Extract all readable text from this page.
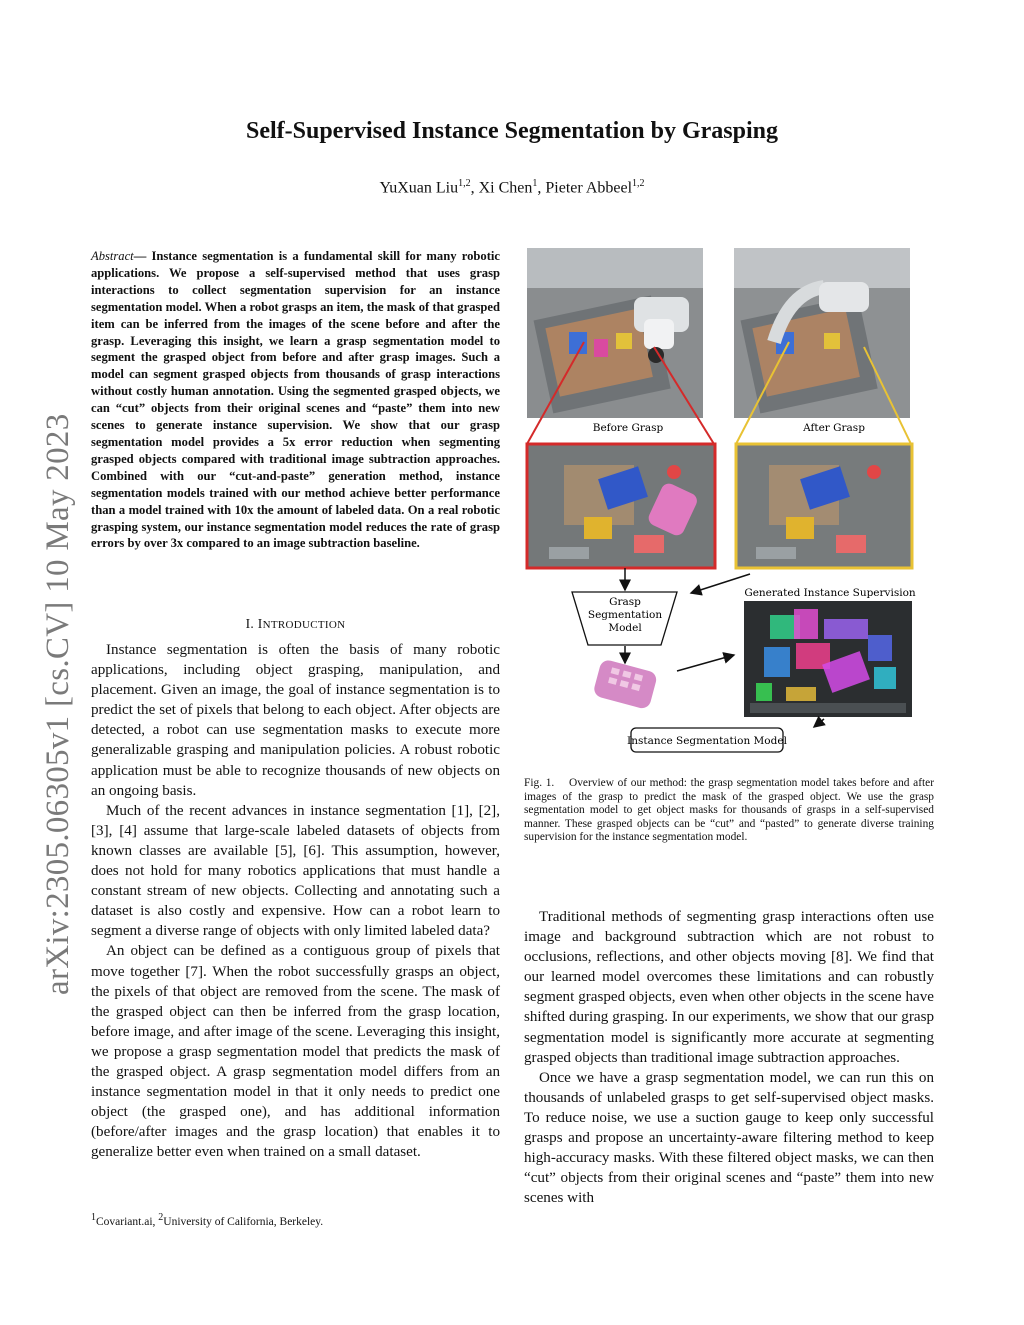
arXiv:2305.06305v1 [cs.CV] 10 May 2023
Self-Supervised Instance Segmentation by Grasping
YuXuan Liu$^{1,2}$, Xi Chen$^1$, Pieter Abbeel$^{1,2}$
Abstract— Instance segmentation is a fundamental skill for many robotic applications. We propose a self-supervised method that uses grasp interactions to collect segmentation supervision for an instance segmentation model. When a robot grasps an item, the mask of that grasped item can be inferred from the images of the scene before and after the grasp. Leveraging this insight, we learn a grasp segmentation model to segment the grasped object from before and after grasp images. Such a model can segment grasped objects from thousands of grasp interactions without costly human annotation. Using the segmented grasped objects, we can “cut” objects from their original scenes and “paste” them into new scenes to generate instance supervision. We show that our grasp segmentation model provides a 5x error reduction when segmenting grasped objects compared with traditional image subtraction approaches. Combined with our “cut-and-paste” generation method, instance segmentation models trained with our method achieve better performance than a model trained with 10x the amount of labeled data. On a real robotic grasping system, our instance segmentation model reduces the rate of grasp errors by over 3x compared to an image subtraction baseline.
I. INTRODUCTION

Instance segmentation is often the basis of many robotic applications, including object grasping, manipulation, and placement. Given an image, the goal of instance segmentation is to predict the set of pixels that belong to each object. After objects are detected, a robot can use segmentation masks to execute more generalizable grasping and manipulation policies. A robust robotic application must be able to recognize thousands of new objects on an ongoing basis.

Much of the recent advances in instance segmentation [1], [2], [3], [4] assume that large-scale labeled datasets of objects from known classes are available [5], [6]. This assumption, however, does not hold for many robotics applications that must handle a constant stream of new objects. Collecting and annotating such a dataset is also costly and expensive. How can a robot learn to segment a diverse range of objects with only limited labeled data?

An object can be defined as a contiguous group of pixels that move together [7]. When the robot successfully grasps an object, the pixels of that object are removed from the scene. The mask of the grasped object can then be inferred from the grasp location, before image, and after image of the scene. Leveraging this insight, we propose a grasp segmentation model that predicts the mask of the grasped object. A grasp segmentation model differs from an instance segmentation model in that it only needs to predict one object (the grasped one), and has additional information (before/after images and the grasp location) that enables it to generalize better even when trained on a small dataset.

$^1$Covariant.ai, $^2$University of California, Berkeley.
Before Grasp	After Grasp
Grasp
Segmentation
Model
Generated Instance Supervision
Instance Segmentation Model
Fig. 1. Overview of our method: the grasp segmentation model takes before and after images of the grasp to predict the mask of the grasped object. We use the grasp segmentation model to get object masks for thousands of grasps in a self-supervised manner. These grasped objects can be “cut” and “pasted” to generate diverse training supervision for the instance segmentation model.

Traditional methods of segmenting grasp interactions often use image and background subtraction which are not robust to occlusions, reflections, and other objects moving [8]. We find that our learned model overcomes these limitations and can robustly segment grasped objects, even when other objects in the scene have shifted during grasping. In our experiments, we show that our grasp segmentation model is significantly more accurate at segmenting grasped objects than traditional image subtraction approaches.

Once we have a grasp segmentation model, we can run this on thousands of unlabeled grasps to get self-supervised object masks. To reduce noise, we use a suction gauge to keep only successful grasps and propose an uncertainty-aware filtering method to keep high-accuracy masks. With these filtered object masks, we can then “cut” objects from their original scenes and “paste” them into new scenes with
